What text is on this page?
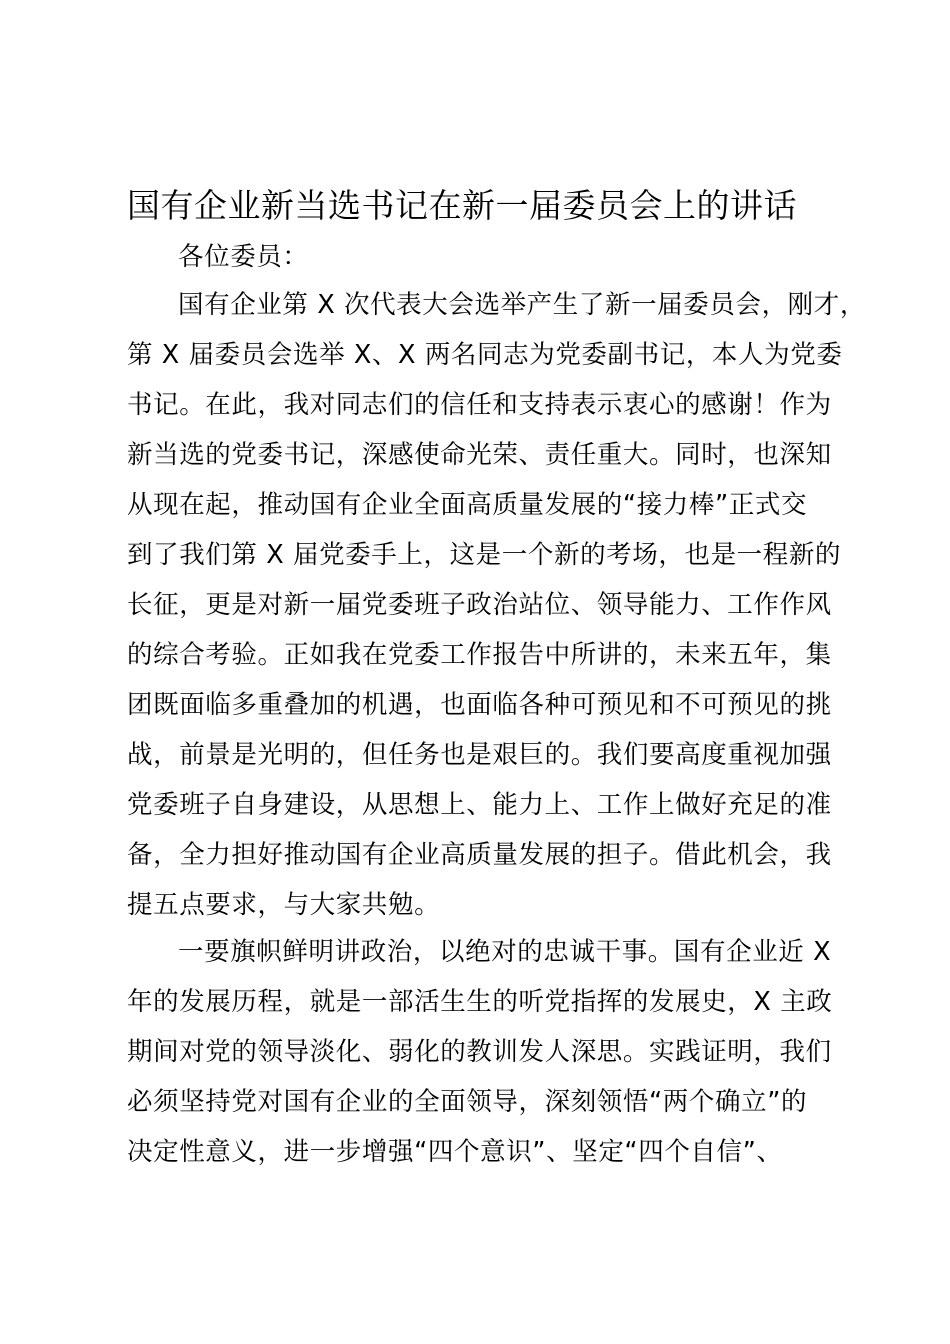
国有企业新当选书记在新一届委员会上的讲话

各位委员：

国有企业第 X 次代表大会选举产生了新一届委员会，刚才，

第 X 届委员会选举 X、X 两名同志为党委副书记，本人为党委

书记。在此，我对同志们的信任和支持表示衷心的感谢！作为

新当选的党委书记，深感使命光荣、责任重大。同时，也深知

从现在起，推动国有企业全面高质量发展的“接力棒”正式交

到了我们第 X 届党委手上，这是一个新的考场，也是一程新的

长征，更是对新一届党委班子政治站位、领导能力、工作作风

的综合考验。正如我在党委工作报告中所讲的，未来五年，集

团既面临多重叠加的机遇，也面临各种可预见和不可预见的挑

战，前景是光明的，但任务也是艰巨的。我们要高度重视加强

党委班子自身建设，从思想上、能力上、工作上做好充足的准

备，全力担好推动国有企业高质量发展的担子。借此机会，我

提五点要求，与大家共勉。

一要旗帜鲜明讲政治，以绝对的忠诚干事。国有企业近 X

年的发展历程，就是一部活生生的听党指挥的发展史，X 主政

期间对党的领导淡化、弱化的教训发人深思。实践证明，我们

必须坚持党对国有企业的全面领导，深刻领悟“两个确立”的

决定性意义，进一步增强“四个意识”、坚定“四个自信”、
